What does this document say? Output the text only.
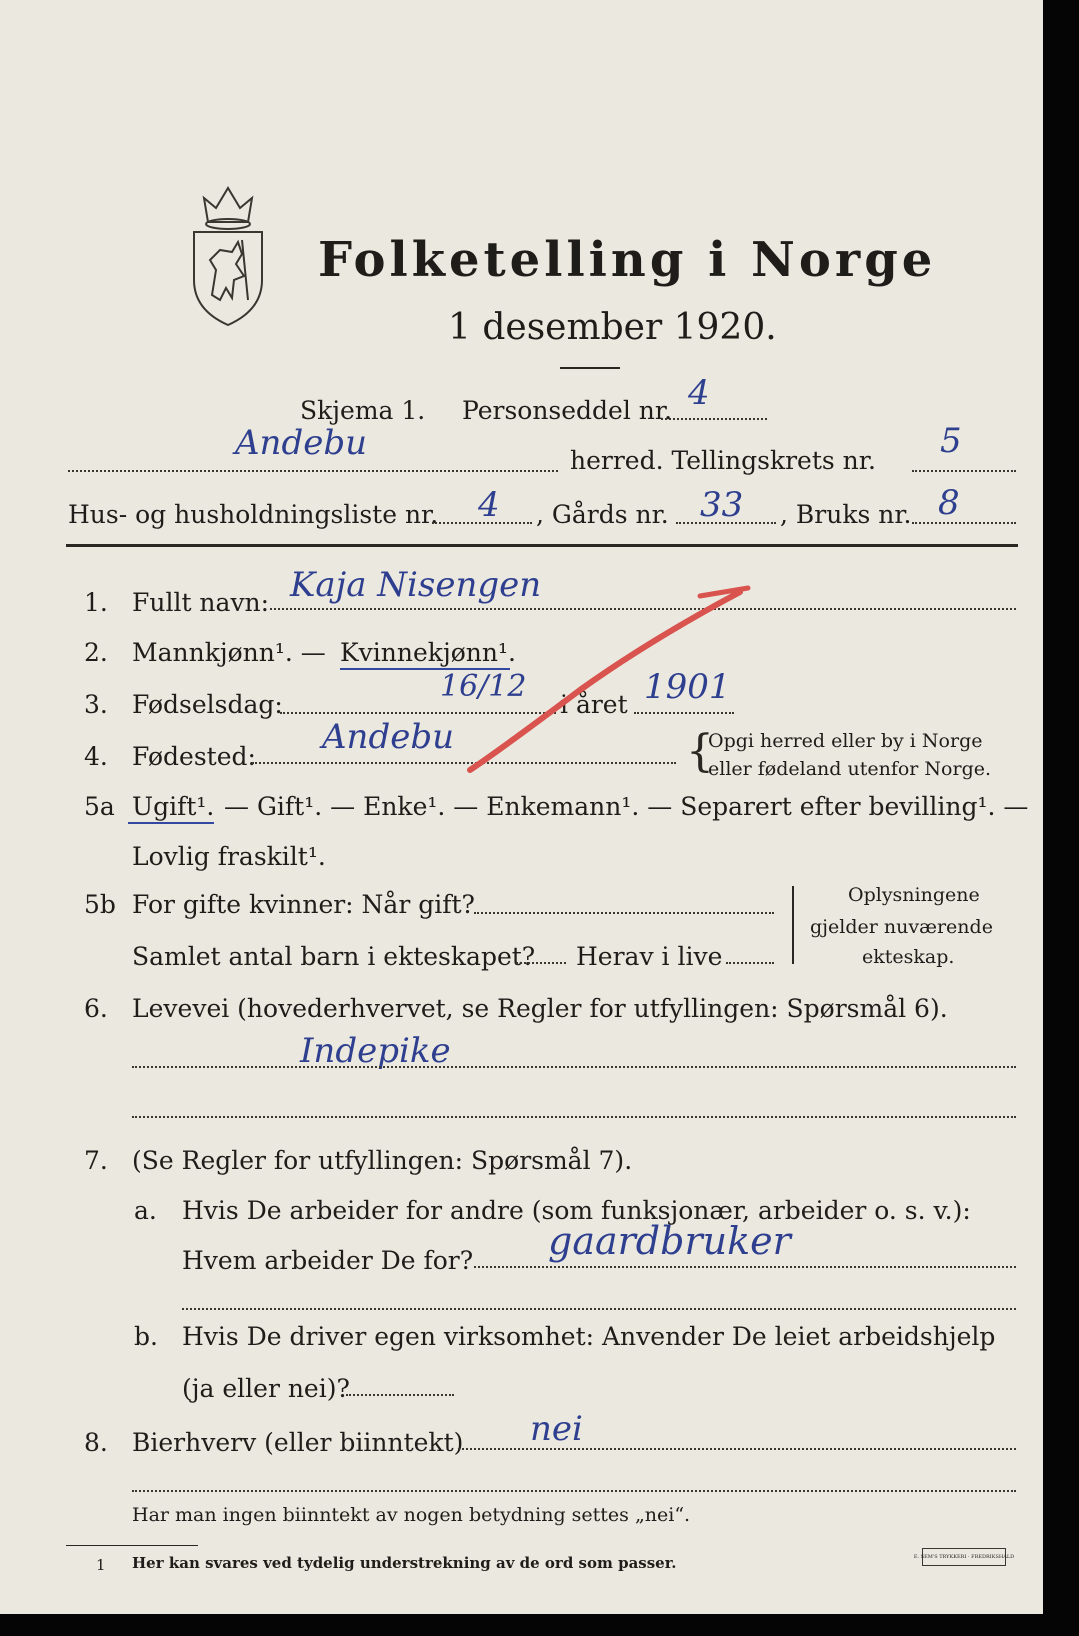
Folketelling i Norge
1 desember 1920.
Skjema 1. Personseddel nr. 4
Andebu	herred. Tellingskrets nr. 5
Hus- og husholdningsliste nr. 4 , Gårds nr. 33 , Bruks nr. 8
1. Fullt navn: Kaja Nisengen
2. Mannkjønn¹. — Kvinnekjønn¹.
3. Fødselsdag:
16/12
i året 1901
4. Fødested: Andebu	{
Opgi herred eller by i Norge
eller fødeland utenfor Norge.
5a Ugift¹. — Gift¹. — Enke¹. — Enkemann¹. — Separert efter bevilling¹. —
Lovlig fraskilt¹.
5b For gifte kvinner: Når gift?
Samlet antal barn i ekteskapet? Herav i live
Oplysningene
gjelder nuværende
ekteskap.
6. Levevei (hovederhvervet, se Regler for utfyllingen: Spørsmål 6).
Indepike
7. (Se Regler for utfyllingen: Spørsmål 7).
a. Hvis De arbeider for andre (som funksjonær, arbeider o. s. v.):
Hvem arbeider De for? gaardbruker
b. Hvis De driver egen virksomhet: Anvender De leiet arbeidshjelp
(ja eller nei)?
8. Bierhverv (eller biinntekt) nei
Har man ingen biinntekt av nogen betydning settes „nei“.
1 Her kan svares ved tydelig understrekning av de ord som passer.	E. SEM'S TRYKKERI · FREDRIKSHALD
